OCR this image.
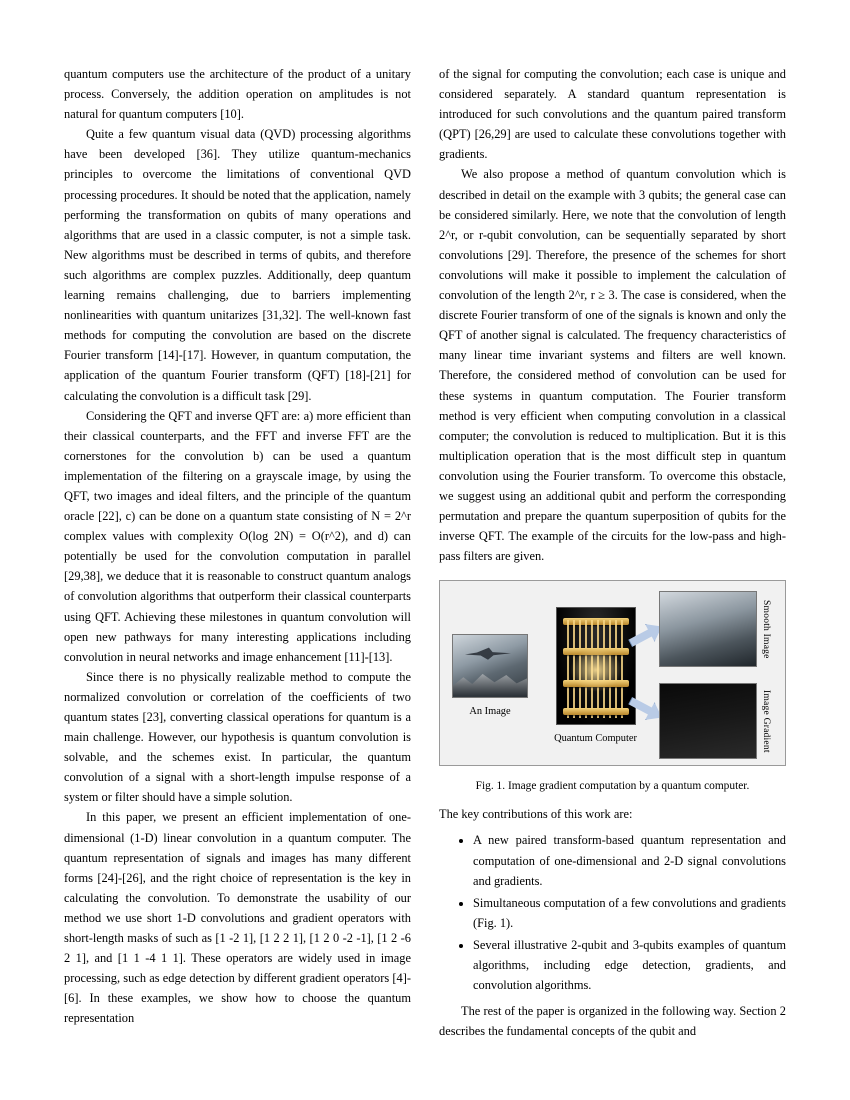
quantum computers use the architecture of the product of a unitary process. Conversely, the addition operation on amplitudes is not natural for quantum computers [10].

Quite a few quantum visual data (QVD) processing algorithms have been developed [36]. They utilize quantum-mechanics principles to overcome the limitations of conventional QVD processing procedures. It should be noted that the application, namely performing the transformation on qubits of many operations and algorithms that are used in a classic computer, is not a simple task. New algorithms must be described in terms of qubits, and therefore such algorithms are complex puzzles. Additionally, deep quantum learning remains challenging, due to barriers implementing nonlinearities with quantum unitarizes [31,32]. The well-known fast methods for computing the convolution are based on the discrete Fourier transform [14]-[17]. However, in quantum computation, the application of the quantum Fourier transform (QFT) [18]-[21] for calculating the convolution is a difficult task [29].

Considering the QFT and inverse QFT are: a) more efficient than their classical counterparts, and the FFT and inverse FFT are the cornerstones for the convolution b) can be used a quantum implementation of the filtering on a grayscale image, by using the QFT, two images and ideal filters, and the principle of the quantum oracle [22], c) can be done on a quantum state consisting of N = 2^r complex values with complexity O(log 2N) = O(r^2), and d) can potentially be used for the convolution computation in parallel [29,38], we deduce that it is reasonable to construct quantum analogs of convolution algorithms that outperform their classical counterparts using QFT. Achieving these milestones in quantum convolution will open new pathways for many interesting applications including convolution in neural networks and image enhancement [11]-[13].

Since there is no physically realizable method to compute the normalized convolution or correlation of the coefficients of two quantum states [23], converting classical operations for quantum is a main challenge. However, our hypothesis is quantum convolution is solvable, and the schemes exist. In particular, the quantum convolution of a signal with a short-length impulse response of a system or filter should have a simple solution.

In this paper, we present an efficient implementation of one-dimensional (1-D) linear convolution in a quantum computer. The quantum representation of signals and images has many different forms [24]-[26], and the right choice of representation is the key in calculating the convolution. To demonstrate the usability of our method we use short 1-D convolutions and gradient operators with short-length masks of such as [1 -2 1], [1 2 2 1], [1 2 0 -2 -1], [1 2 -6 2 1], and [1 1 -4 1 1]. These operators are widely used in image processing, such as edge detection by different gradient operators [4]-[6]. In these examples, we show how to choose the quantum representation

of the signal for computing the convolution; each case is unique and considered separately. A standard quantum representation is introduced for such convolutions and the quantum paired transform (QPT) [26,29] are used to calculate these convolutions together with gradients.

We also propose a method of quantum convolution which is described in detail on the example with 3 qubits; the general case can be considered similarly. Here, we note that the convolution of length 2^r, or r-qubit convolution, can be sequentially separated by short convolutions [29]. Therefore, the presence of the schemes for short convolutions will make it possible to implement the calculation of convolution of the length 2^r, r ≥ 3. The case is considered, when the discrete Fourier transform of one of the signals is known and only the QFT of another signal is calculated. The frequency characteristics of many linear time invariant systems and filters are well known. Therefore, the considered method of convolution can be used for these systems in quantum computation. The Fourier transform method is very efficient when computing convolution in a classical computer; the convolution is reduced to multiplication. But it is this multiplication operation that is the most difficult step in quantum convolution using the Fourier transform. To overcome this obstacle, we suggest using an additional qubit and perform the corresponding permutation and prepare the quantum superposition of qubits for the inverse QFT. The example of the circuits for the low-pass and high-pass filters are given.

An Image
Quantum Computer
Smooth Image
Image Gradient
Fig. 1. Image gradient computation by a quantum computer.

The key contributions of this work are:

• A new paired transform-based quantum representation and computation of one-dimensional and 2-D signal convolutions and gradients.
• Simultaneous computation of a few convolutions and gradients (Fig. 1).
• Several illustrative 2-qubit and 3-qubits examples of quantum algorithms, including edge detection, gradients, and convolution algorithms.

The rest of the paper is organized in the following way. Section 2 describes the fundamental concepts of the qubit and
